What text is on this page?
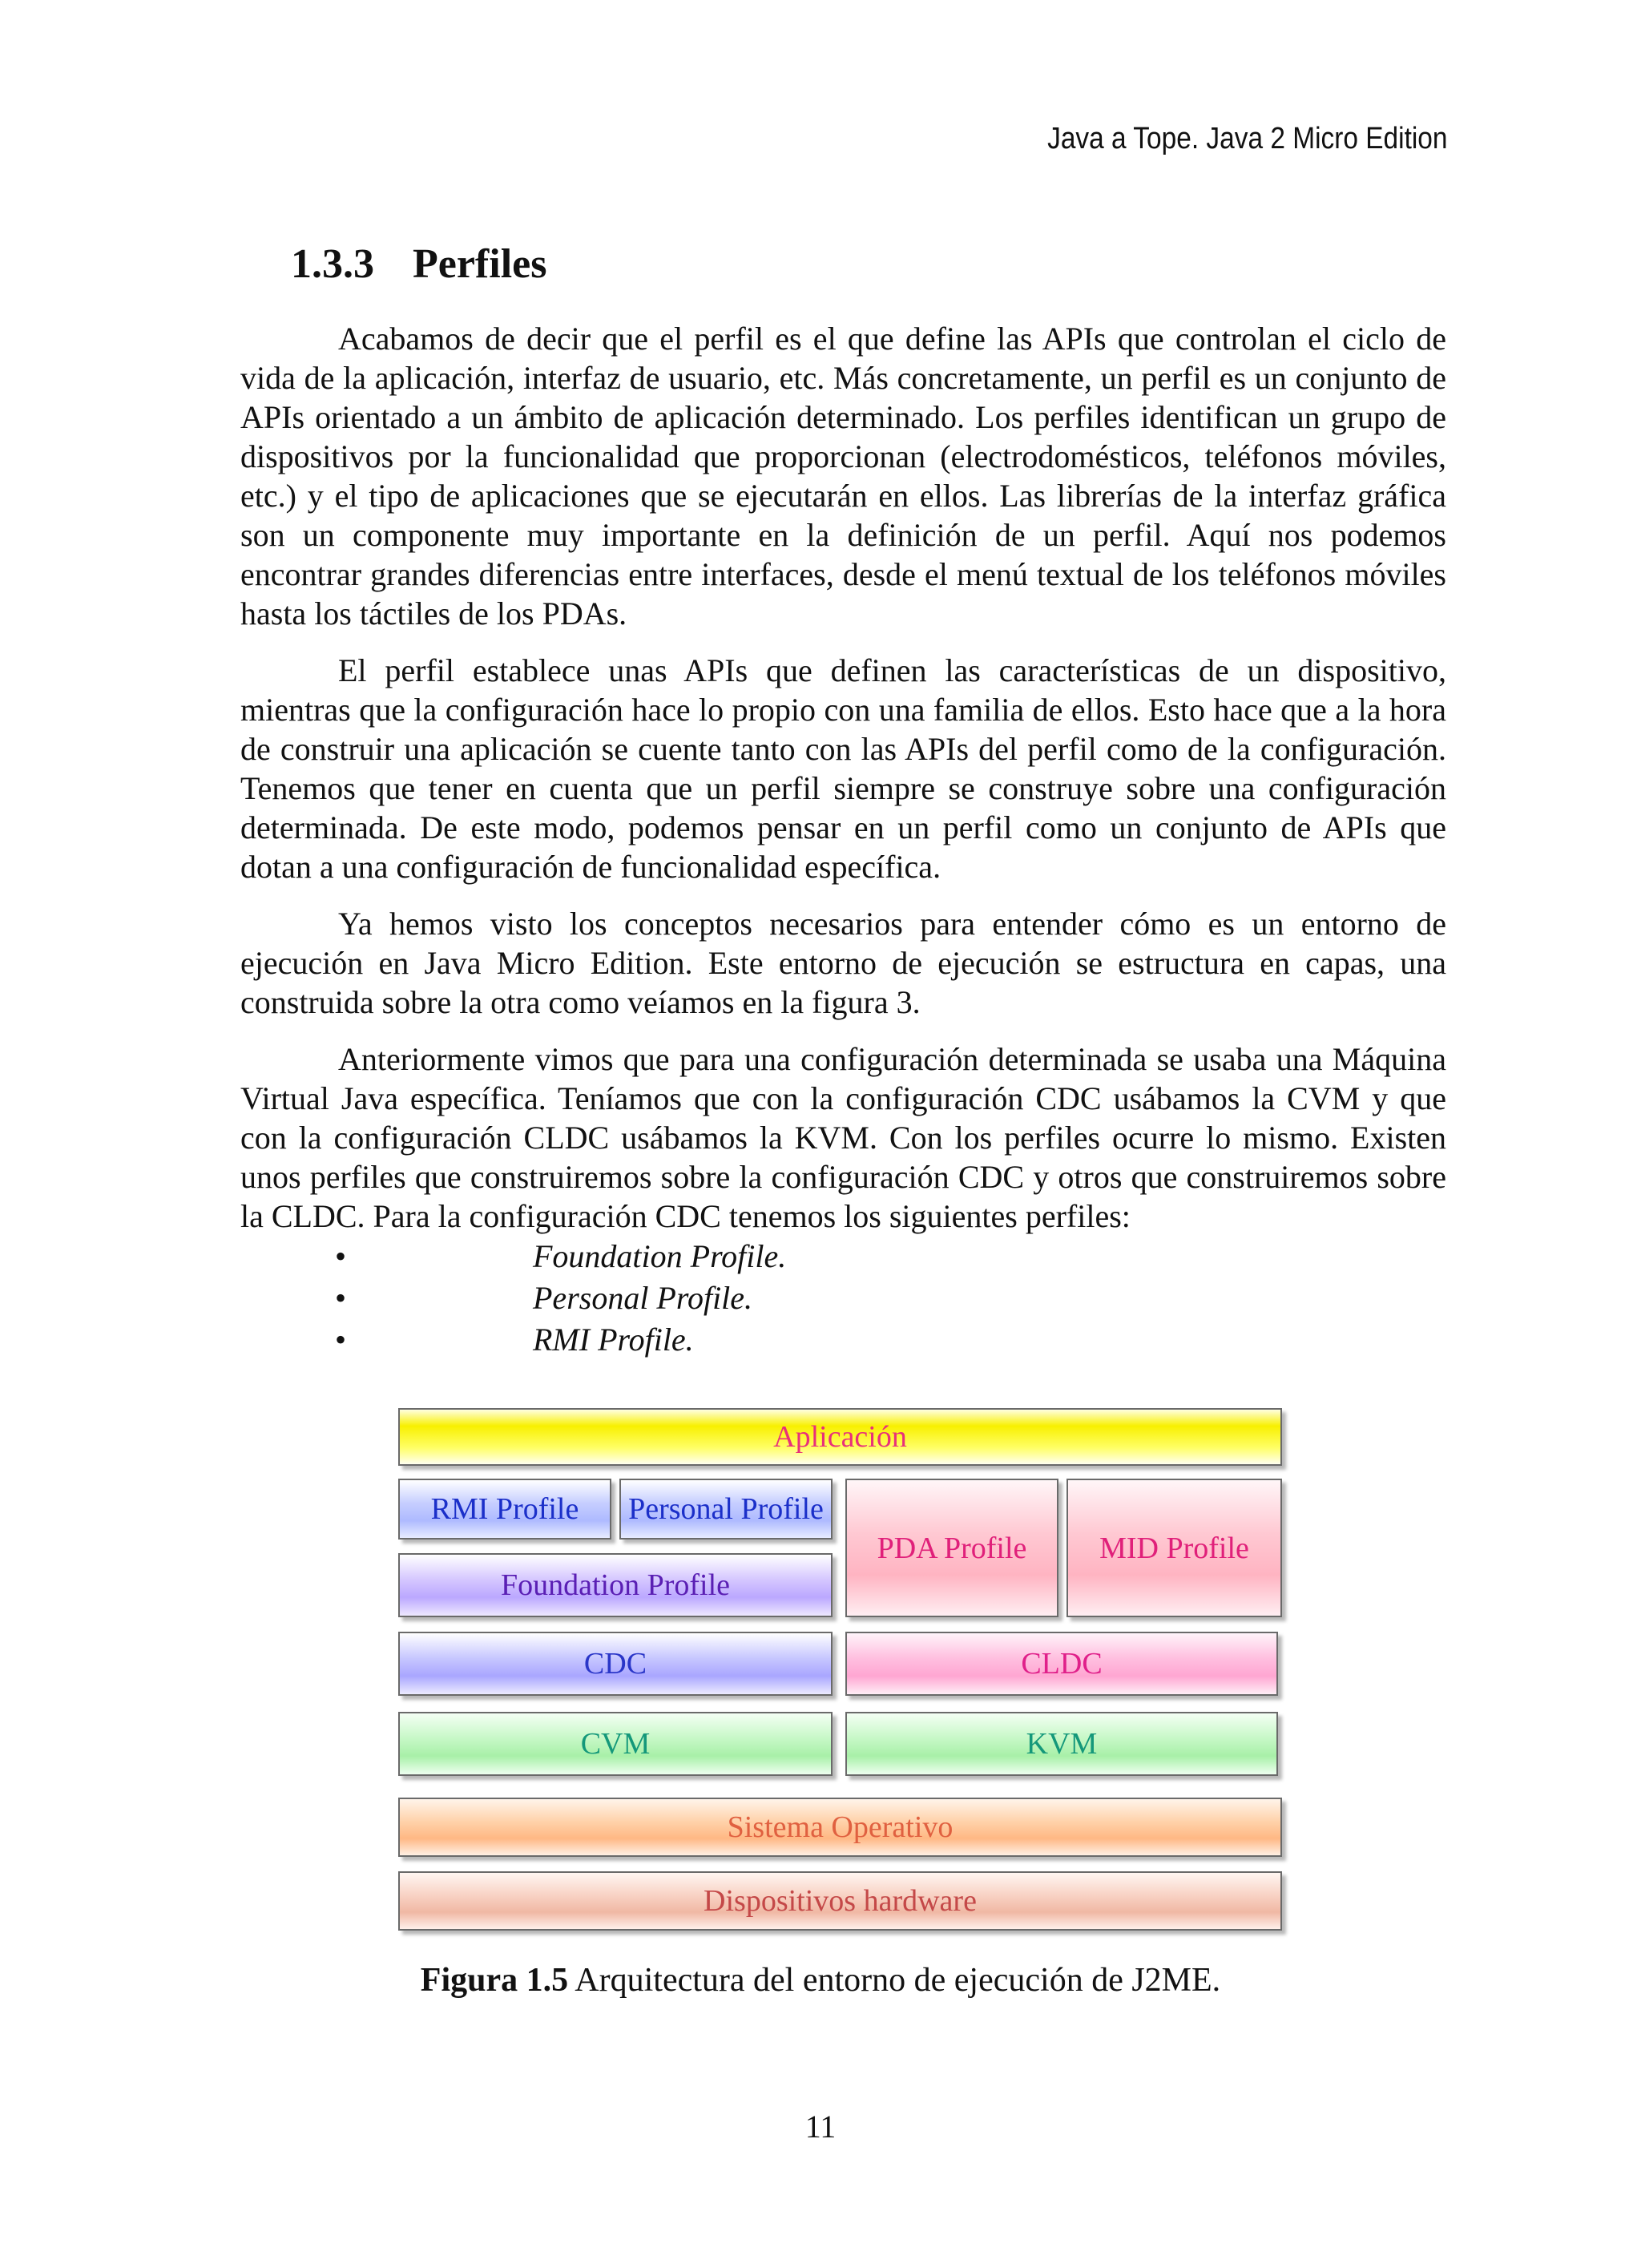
Java a Tope. Java 2 Micro Edition
1.3.3 Perfiles

Acabamos de decir que el perfil es el que define las APIs que controlan el ciclo de vida de la aplicación, interfaz de usuario, etc. Más concretamente, un perfil es un conjunto de APIs orientado a un ámbito de aplicación determinado. Los perfiles identifican un grupo de dispositivos por la funcionalidad que proporcionan (electrodomésticos, teléfonos móviles, etc.) y el tipo de aplicaciones que se ejecutarán en ellos. Las librerías de la interfaz gráfica son un componente muy importante en la definición de un perfil. Aquí nos podemos encontrar grandes diferencias entre interfaces, desde el menú textual de los teléfonos móviles hasta los táctiles de los PDAs.

El perfil establece unas APIs que definen las características de un dispositivo, mientras que la configuración hace lo propio con una familia de ellos. Esto hace que a la hora de construir una aplicación se cuente tanto con las APIs del perfil como de la configuración. Tenemos que tener en cuenta que un perfil siempre se construye sobre una configuración determinada. De este modo, podemos pensar en un perfil como un conjunto de APIs que dotan a una configuración de funcionalidad específica.

Ya hemos visto los conceptos necesarios para entender cómo es un entorno de ejecución en Java Micro Edition. Este entorno de ejecución se estructura en capas, una construida sobre la otra como veíamos en la figura 3.

Anteriormente vimos que para una configuración determinada se usaba una Máquina Virtual Java específica. Teníamos que con la configuración CDC usábamos la CVM y que con la configuración CLDC usábamos la KVM. Con los perfiles ocurre lo mismo. Existen unos perfiles que construiremos sobre la configuración CDC y otros que construiremos sobre la CLDC. Para la configuración CDC tenemos los siguientes perfiles:

•	Foundation Profile.
•	Personal Profile.
•	RMI Profile.
Aplicación
RMI Profile	Personal Profile
Foundation Profile
PDA Profile	MID Profile
CDC	CLDC
CVM	KVM
Sistema Operativo
Dispositivos hardware
Figura 1.5 Arquitectura del entorno de ejecución de J2ME.
11
